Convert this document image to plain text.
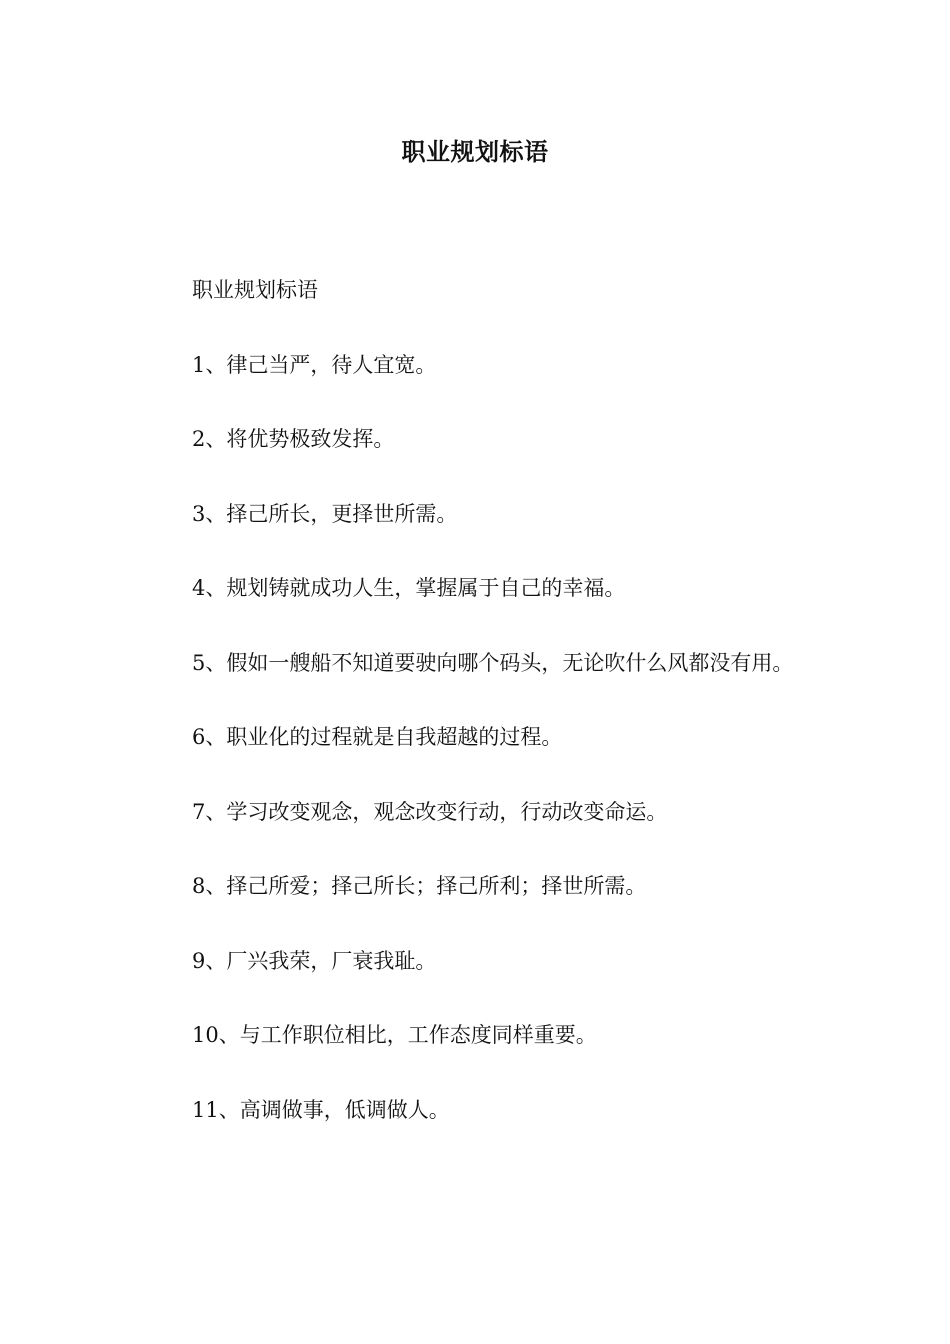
职业规划标语

职业规划标语

1、律己当严，待人宜宽。

2、将优势极致发挥。

3、择己所长，更择世所需。

4、规划铸就成功人生，掌握属于自己的幸福。

5、假如一艘船不知道要驶向哪个码头，无论吹什么风都没有用。

6、职业化的过程就是自我超越的过程。

7、学习改变观念，观念改变行动，行动改变命运。

8、择己所爱；择己所长；择己所利；择世所需。

9、厂兴我荣，厂衰我耻。

10、与工作职位相比，工作态度同样重要。

11、高调做事，低调做人。
